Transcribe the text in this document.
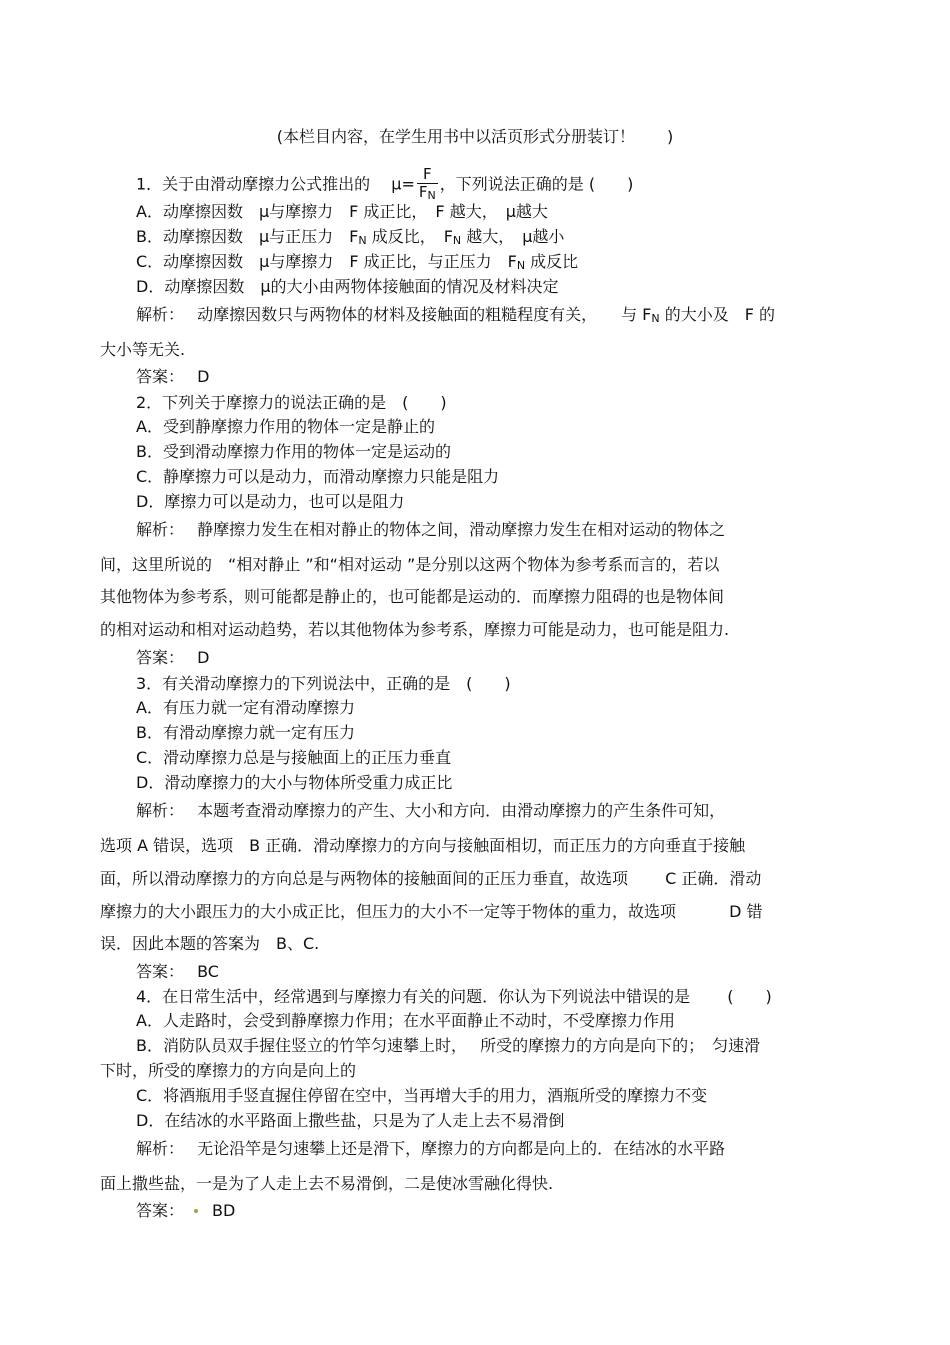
(本栏目内容，在学生用书中以活页形式分册装订！　　)
1．关于由滑动摩擦力公式推出的　 $\mu= \frac{F}{F_N}$ ，下列说法正确的是 (　　)
A．动摩擦因数　μ与摩擦力　F 成正比，　F 越大，　μ越大
B．动摩擦因数　μ与正压力　$F_N$ 成反比，　$F_N$ 越大，　μ越小
C．动摩擦因数　μ与摩擦力　F 成正比，与正压力　$F_N$ 成反比
D．动摩擦因数　μ的大小由两物体接触面的情况及材料决定
解析：　 动摩擦因数只与两物体的材料及接触面的粗糙程度有关，　　与 $F_N$ 的大小及　F 的
大小等无关.
答案：　 D
2．下列关于摩擦力的说法正确的是　(　　)
A．受到静摩擦力作用的物体一定是静止的
B．受到滑动摩擦力作用的物体一定是运动的
C．静摩擦力可以是动力，而滑动摩擦力只能是阻力
D．摩擦力可以是动力，也可以是阻力
解析：　 静摩擦力发生在相对静止的物体之间，滑动摩擦力发生在相对运动的物体之
间，这里所说的　“相对静止 ”和“相对运动 ”是分别以这两个物体为参考系而言的，若以
其他物体为参考系，则可能都是静止的，也可能都是运动的．而摩擦力阻碍的也是物体间
的相对运动和相对运动趋势，若以其他物体为参考系，摩擦力可能是动力，也可能是阻力.
答案：　 D
3．有关滑动摩擦力的下列说法中，正确的是　(　　)
A．有压力就一定有滑动摩擦力
B．有滑动摩擦力就一定有压力
C．滑动摩擦力总是与接触面上的正压力垂直
D．滑动摩擦力的大小与物体所受重力成正比
解析：　 本题考查滑动摩擦力的产生、大小和方向．由滑动摩擦力的产生条件可知，
选项 A 错误，选项　B 正确．滑动摩擦力的方向与接触面相切，而正压力的方向垂直于接触
面，所以滑动摩擦力的方向总是与两物体的接触面间的正压力垂直，故选项　　 C 正确．滑动
摩擦力的大小跟压力的大小成正比，但压力的大小不一定等于物体的重力，故选项　　　 D 错
误．因此本题的答案为　B、C.
答案：　 BC
4．在日常生活中，经常遇到与摩擦力有关的问题．你认为下列说法中错误的是　　 (　　)
A．人走路时，会受到静摩擦力作用；在水平面静止不动时，不受摩擦力作用
B．消防队员双手握住竖立的竹竿匀速攀上时，　 所受的摩擦力的方向是向下的；　匀速滑
下时，所受的摩擦力的方向是向上的
C．将酒瓶用手竖直握住停留在空中，当再增大手的用力，酒瓶所受的摩擦力不变
D．在结冰的水平路面上撒些盐，只是为了人走上去不易滑倒
解析：　 无论沿竿是匀速攀上还是滑下，摩擦力的方向都是向上的．在结冰的水平路
面上撒些盐，一是为了人走上去不易滑倒，二是使冰雪融化得快.
答案： BD
